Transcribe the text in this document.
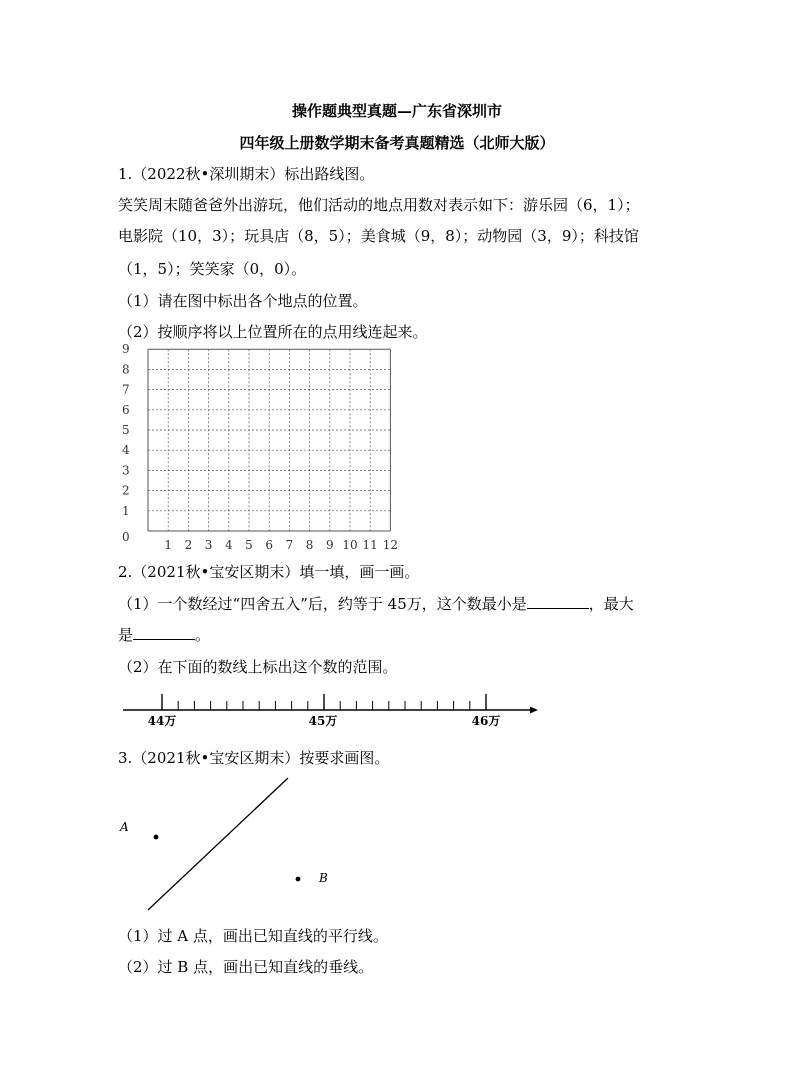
操作题典型真题—广东省深圳市
四年级上册数学期末备考真题精选（北师大版）
1.（2022秋•深圳期末）标出路线图。
笑笑周末随爸爸外出游玩，他们活动的地点用数对表示如下：游乐园（6，1）；
电影院（10，3）；玩具店（8，5）；美食城（9，8）；动物园（3，9）；科技馆
（1，5）；笑笑家（0，0）。
（1）请在图中标出各个地点的位置。
（2）按顺序将以上位置所在的点用线连起来。
0
1
2
3
4
5
6
7
8
9
1 2 3 4 5 6 7 8 9 10 11 12
2.（2021秋•宝安区期末）填一填，画一画。
（1）一个数经过“四舍五入”后，约等于 45万，这个数最小是	，最大
是	。
（2）在下面的数线上标出这个数的范围。
44万	45万	46万
3.（2021秋•宝安区期末）按要求画图。
A
B
（1）过 A 点，画出已知直线的平行线。
（2）过 B 点，画出已知直线的垂线。
